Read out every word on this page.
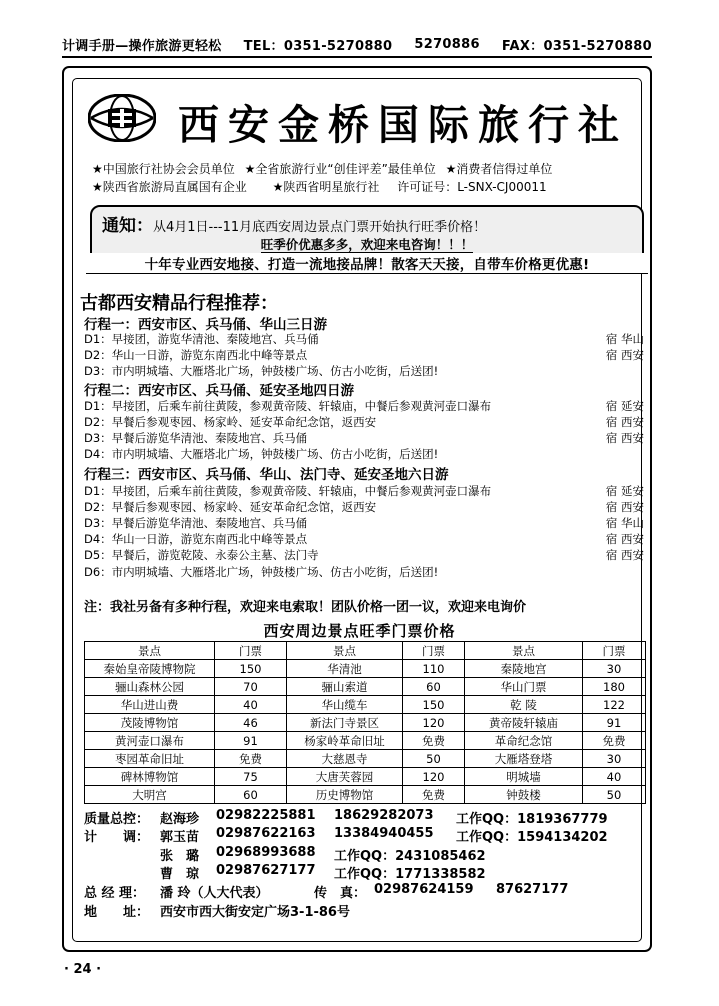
计调手册—操作旅游更轻松 TEL：0351-5270880 5270886 FAX：0351-5270880
西安金桥国际旅行社
★中国旅行社协会会员单位 ★全省旅游行业“创佳评差”最佳单位 ★消费者信得过单位
★陕西省旅游局直属国有企业 ★陕西省明星旅行社 许可证号：L-SNX-CJ00011
通知：从4月1日---11月底西安周边景点门票开始执行旺季价格！
旺季价优惠多多，欢迎来电咨询！！！
十年专业西安地接、打造一流地接品牌！散客天天接，自带车价格更优惠!
古都西安精品行程推荐：
行程一：西安市区、兵马俑、华山三日游
D1：早接团，游览华清池、秦陵地宫、兵马俑	宿 华山
D2：华山一日游，游览东南西北中峰等景点	宿 西安
D3：市内明城墙、大雁塔北广场，钟鼓楼广场、仿古小吃街，后送团!
行程二：西安市区、兵马俑、延安圣地四日游
D1：早接团，后乘车前往黄陵，参观黄帝陵、轩辕庙，中餐后参观黄河壶口瀑布	宿 延安
D2：早餐后参观枣园、杨家岭、延安革命纪念馆，返西安	宿 西安
D3：早餐后游览华清池、秦陵地宫、兵马俑	宿 西安
D4：市内明城墙、大雁塔北广场，钟鼓楼广场、仿古小吃街，后送团!
行程三：西安市区、兵马俑、华山、法门寺、延安圣地六日游
D1：早接团，后乘车前往黄陵，参观黄帝陵、轩辕庙，中餐后参观黄河壶口瀑布	宿 延安
D2：早餐后参观枣园、杨家岭、延安革命纪念馆，返西安	宿 西安
D3：早餐后游览华清池、秦陵地宫、兵马俑	宿 华山
D4：华山一日游，游览东南西北中峰等景点	宿 西安
D5：早餐后，游览乾陵、永泰公主墓、法门寺	宿 西安
D6：市内明城墙、大雁塔北广场，钟鼓楼广场、仿古小吃街，后送团!
注：我社另备有多种行程，欢迎来电索取！团队价格一团一议，欢迎来电询价
西安周边景点旺季门票价格
景点	门票	景点	门票	景点	门票
秦始皇帝陵博物院	150	华清池	110	秦陵地宫	30
骊山森林公园	70	骊山索道	60	华山门票	180
华山进山费	40	华山缆车	150	乾 陵	122
茂陵博物馆	46	新法门寺景区	120	黄帝陵轩辕庙	91
黄河壶口瀑布	91	杨家岭革命旧址	免费	革命纪念馆	免费
枣园革命旧址	免费	大慈恩寺	50	大雁塔登塔	30
碑林博物馆	75	大唐芙蓉园	120	明城墙	40
大明宫	60	历史博物馆	免费	钟鼓楼	50
质量总控： 赵海珍 02982225881 18629282073 工作QQ：1819367779
计　　调： 郭玉苗 02987622163 13384940455 工作QQ：1594134202
张　璐 02968993688 工作QQ：2431085462
曹　琼 02987627177 工作QQ：1771338582
总 经 理： 潘 玲（人大代表）	传　真： 02987624159 87627177
地　　址： 西安市西大街安定广场3-1-86号
· 24 ·
